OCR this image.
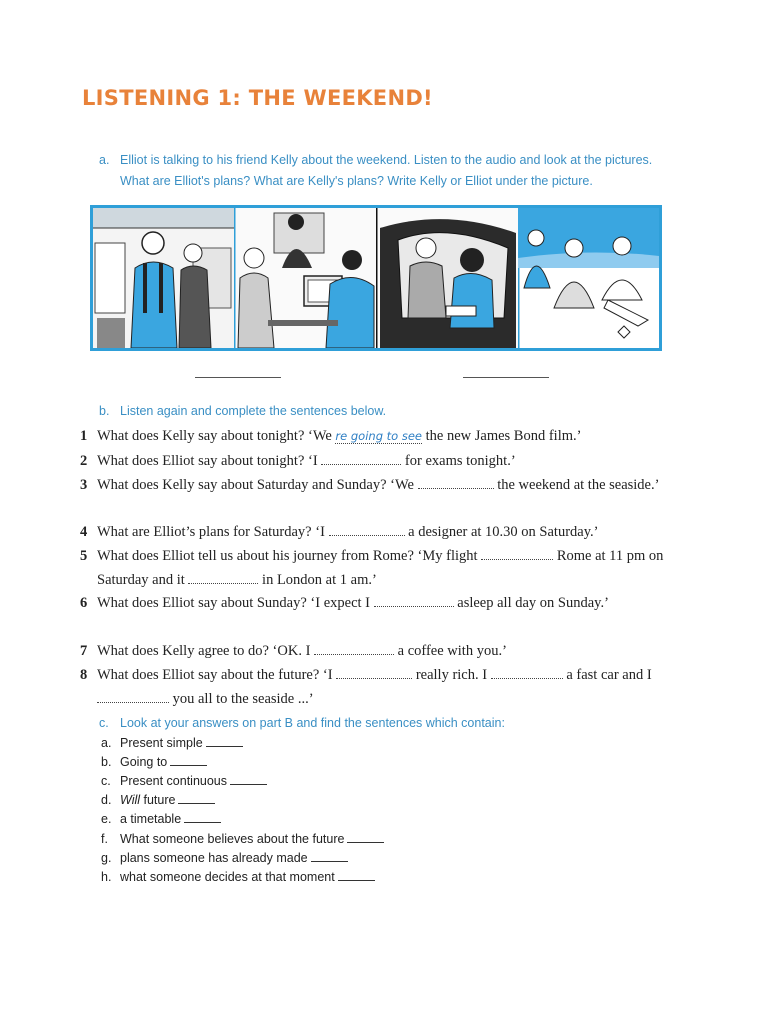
LISTENING 1: THE WEEKEND!
a. Elliot is talking to his friend Kelly about the weekend. Listen to the audio and look at the pictures. What are Elliot's plans? What are Kelly's plans? Write Kelly or Elliot under the picture.
b. Listen again and complete the sentences below.
1 What does Kelly say about tonight? ‘We re going to see the new James Bond film.’
2 What does Elliot say about tonight? ‘I	for exams tonight.’
3 What does Kelly say about Saturday and Sunday? ‘We	the weekend at the seaside.’
4 What are Elliot’s plans for Saturday? ‘I	a designer at 10.30 on Saturday.’
5 What does Elliot tell us about his journey from Rome? ‘My flight	Rome at 11 pm on Saturday and it	in London at 1 am.’
6 What does Elliot say about Sunday? ‘I expect I	asleep all day on Sunday.’
7 What does Kelly agree to do? ‘OK. I	a coffee with you.’
8 What does Elliot say about the future? ‘I	really rich. I	a fast car and I  you all to the seaside ...’
c. Look at your answers on part B and find the sentences which contain:
a. Present simple
b. Going to
c. Present continuous
d. Will future
e. a timetable
f. What someone believes about the future
g. plans someone has already made
h. what someone decides at that moment
